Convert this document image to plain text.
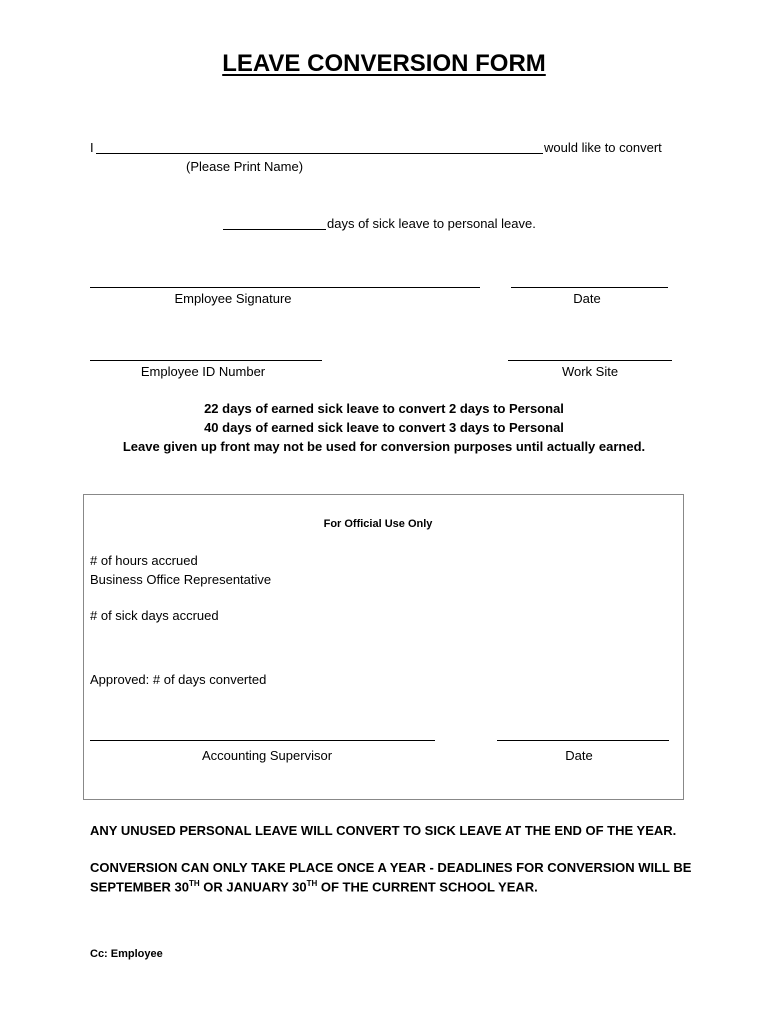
LEAVE CONVERSION FORM
I	would like to convert
(Please Print Name)
days of sick leave to personal leave.
Employee Signature	Date
Employee ID Number	Work Site
22 days of earned sick leave to convert 2 days to Personal
40 days of earned sick leave to convert 3 days to Personal
Leave given up front may not be used for conversion purposes until actually earned.
For Official Use Only
# of hours accrued
Business Office Representative
# of sick days accrued
Approved: # of days converted
Accounting Supervisor	Date
ANY UNUSED PERSONAL LEAVE WILL CONVERT TO SICK LEAVE AT THE END OF THE YEAR.
CONVERSION CAN ONLY TAKE PLACE ONCE A YEAR - DEADLINES FOR CONVERSION WILL BE
SEPTEMBER 30TH OR JANUARY 30TH OF THE CURRENT SCHOOL YEAR.
Cc: Employee
